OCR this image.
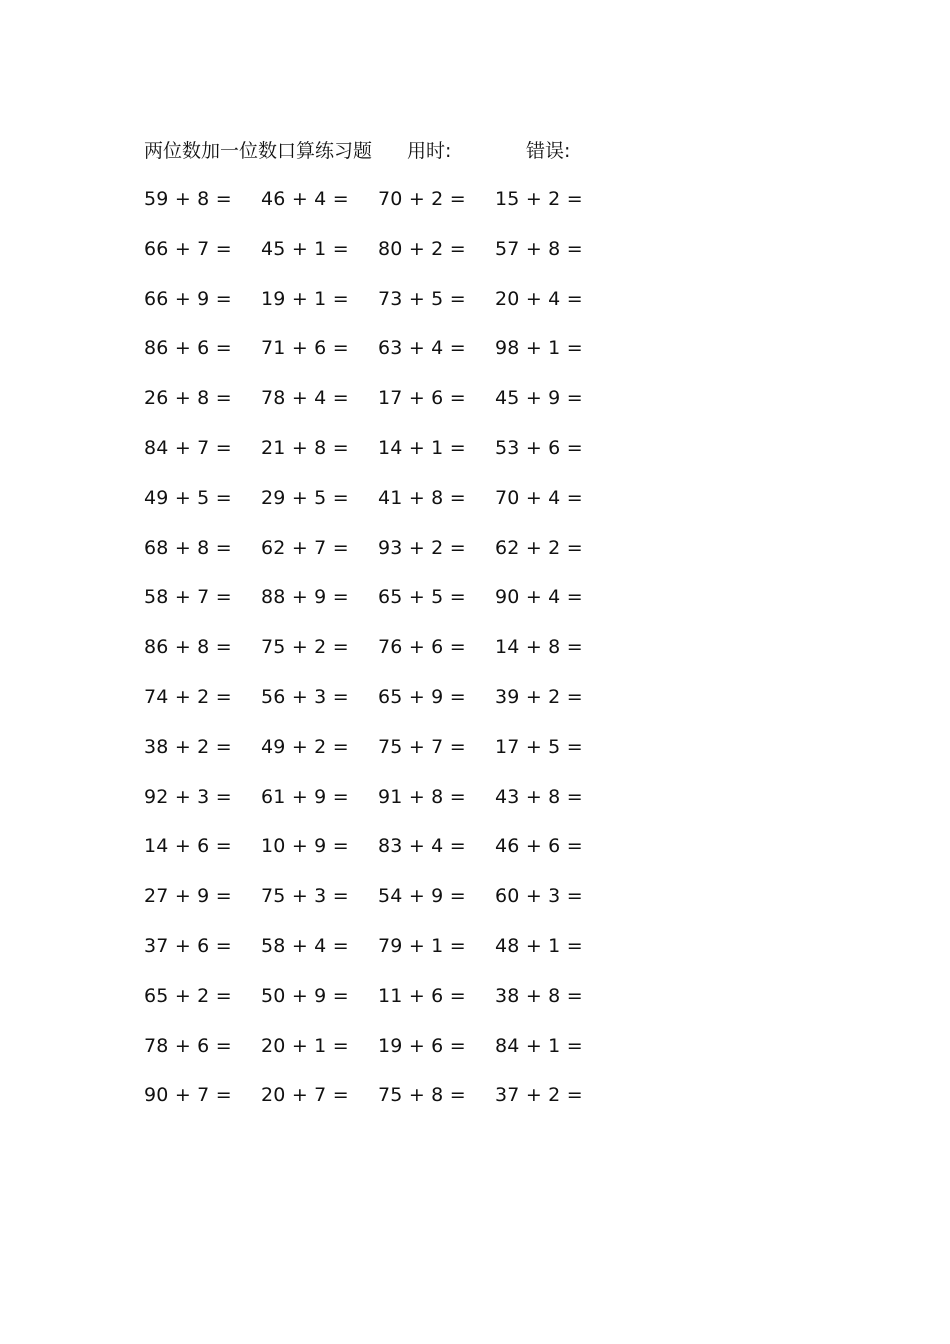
两位数加一位数口算练习题 用时:	错误:
59 + 8 =	46 + 4 =	70 + 2 =	15 + 2 =
66 + 7 =	45 + 1 =	80 + 2 =	57 + 8 =
66 + 9 =	19 + 1 =	73 + 5 =	20 + 4 =
86 + 6 =	71 + 6 =	63 + 4 =	98 + 1 =
26 + 8 =	78 + 4 =	17 + 6 =	45 + 9 =
84 + 7 =	21 + 8 =	14 + 1 =	53 + 6 =
49 + 5 =	29 + 5 =	41 + 8 =	70 + 4 =
68 + 8 =	62 + 7 =	93 + 2 =	62 + 2 =
58 + 7 =	88 + 9 =	65 + 5 =	90 + 4 =
86 + 8 =	75 + 2 =	76 + 6 =	14 + 8 =
74 + 2 =	56 + 3 =	65 + 9 =	39 + 2 =
38 + 2 =	49 + 2 =	75 + 7 =	17 + 5 =
92 + 3 =	61 + 9 =	91 + 8 =	43 + 8 =
14 + 6 =	10 + 9 =	83 + 4 =	46 + 6 =
27 + 9 =	75 + 3 =	54 + 9 =	60 + 3 =
37 + 6 =	58 + 4 =	79 + 1 =	48 + 1 =
65 + 2 =	50 + 9 =	11 + 6 =	38 + 8 =
78 + 6 =	20 + 1 =	19 + 6 =	84 + 1 =
90 + 7 =	20 + 7 =	75 + 8 =	37 + 2 =
